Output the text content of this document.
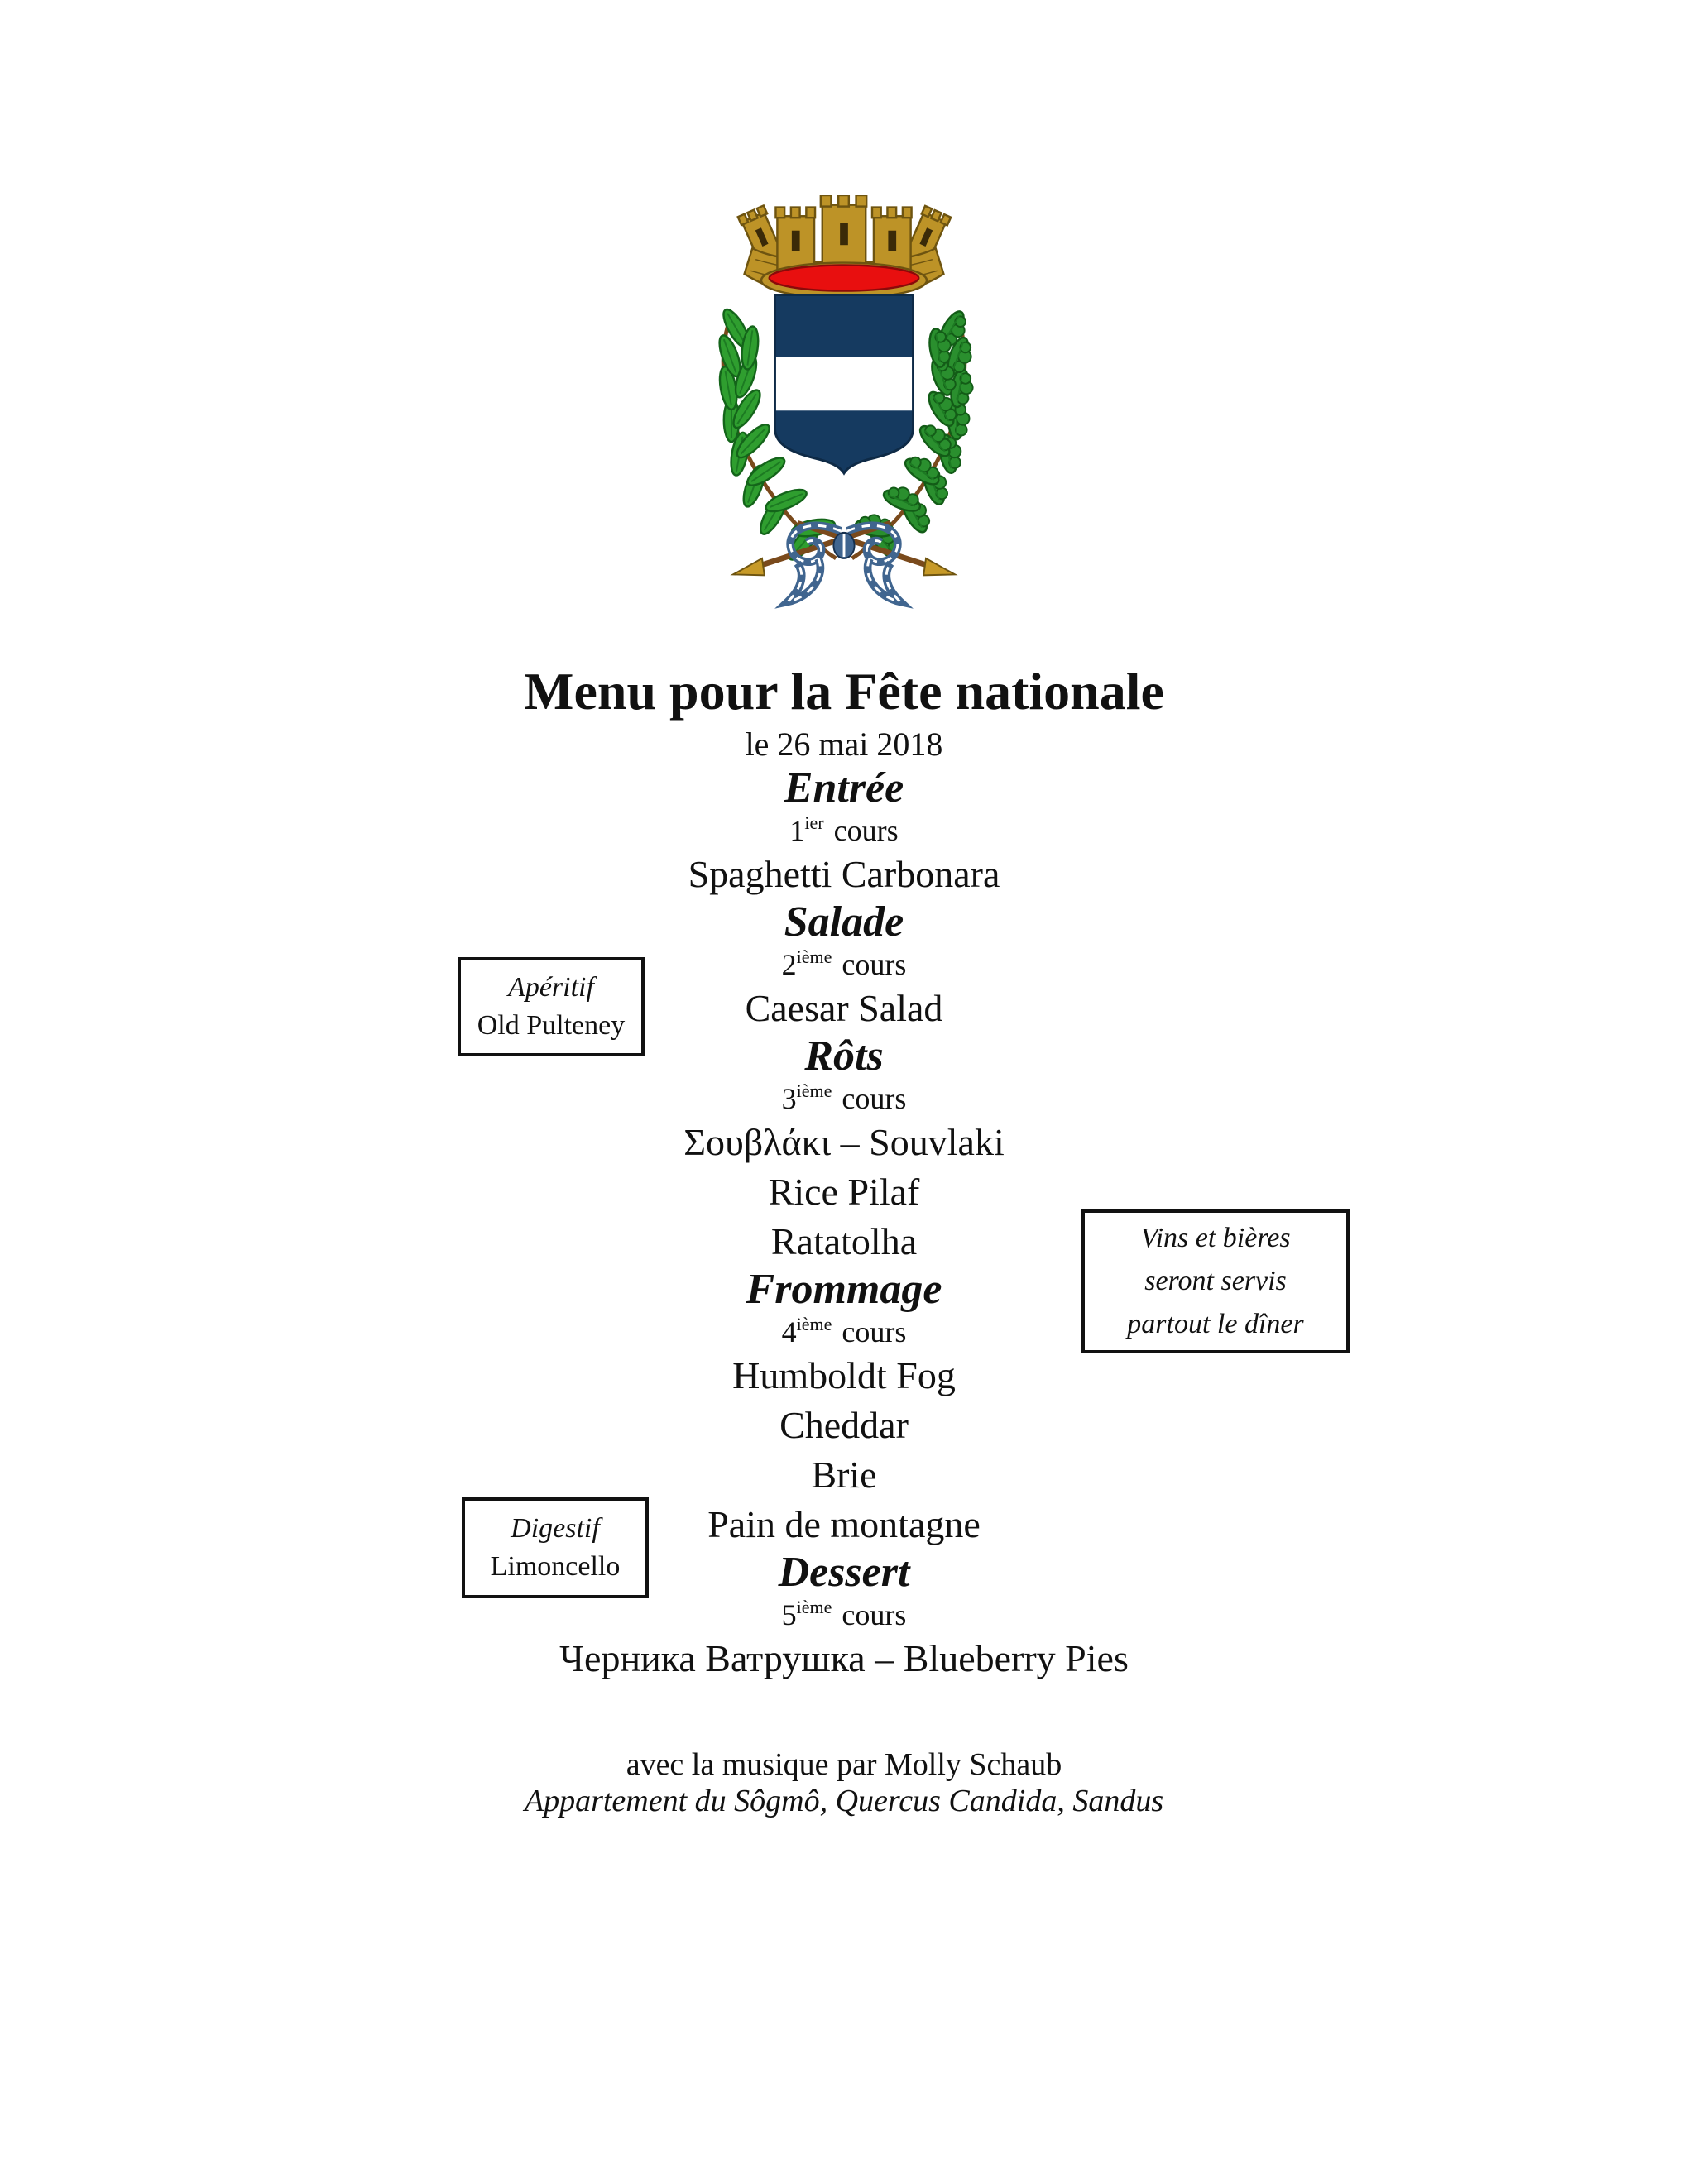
Menu pour la Fête nationale
le 26 mai 2018
Entrée
$1^{ier}$ cours
Spaghetti Carbonara
Salade
2ième cours
Caesar Salad
Rôts
3ième cours
Σουβλάκι – Souvlaki
Rice Pilaf
Ratatolha
Frommage
4ième cours
Humboldt Fog
Cheddar
Brie
Pain de montagne
Dessert
5ième cours
Черника Ватрушка – Blueberry Pies
avec la musique par Molly Schaub
Appartement du Sôgmô, Quercus Candida, Sandus
Apéritif
Old Pulteney
Vins et bières
seront servis
partout le dîner
Digestif
Limoncello
